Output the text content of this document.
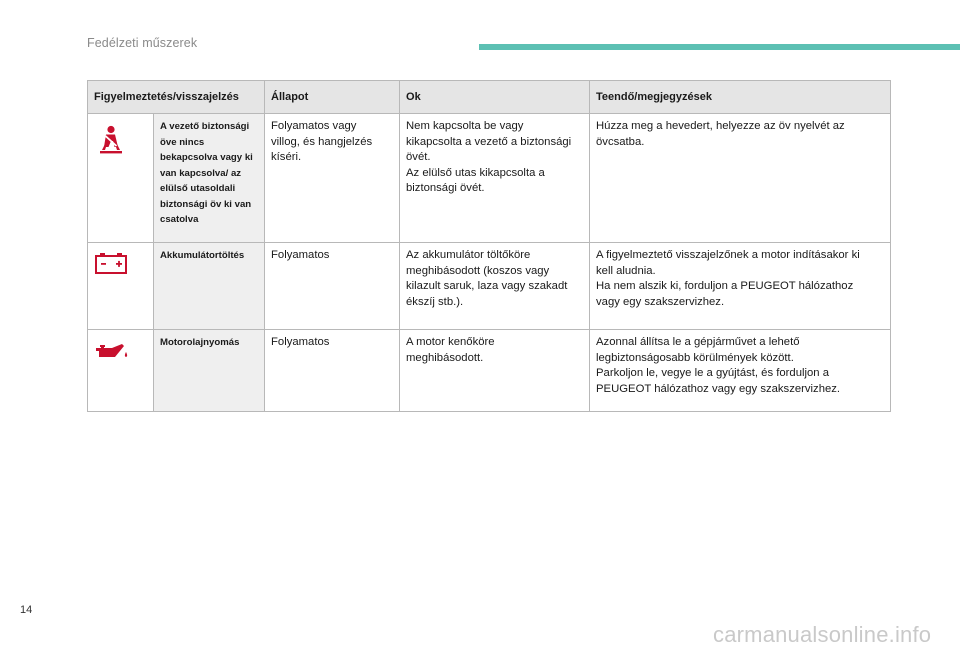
Fedélzeti műszerek
Figyelmeztetés/visszajelzés		Állapot	Ok	Teendő/megjegyzések

	A vezető biztonsági öve nincs bekapcsolva vagy ki van kapcsolva/ az elülső utasoldali biztonsági öv ki van csatolva	Folyamatos vagy
villog, és hangjelzés
kíséri.	Nem kapcsolta be vagy
kikapcsolta a vezető a biztonsági
övét.
Az elülső utas kikapcsolta a
biztonsági övét.	Húzza meg a hevedert, helyezze az öv nyelvét az
övcsatba.

	Akkumulátortöltés	Folyamatos	Az akkumulátor töltőköre
meghibásodott (koszos vagy
kilazult saruk, laza vagy szakadt
ékszíj stb.).	A figyelmeztető visszajelzőnek a motor indításakor ki
kell aludnia.
Ha nem alszik ki, forduljon a PEUGEOT hálózathoz
vagy egy szakszervizhez.

	Motorolajnyomás	Folyamatos	A motor kenőköre
meghibásodott.	Azonnal állítsa le a gépjárművet a lehető
legbiztonságosabb körülmények között.
Parkoljon le, vegye le a gyújtást, és forduljon a
PEUGEOT hálózathoz vagy egy szakszervizhez.
14
carmanualsonline.info
